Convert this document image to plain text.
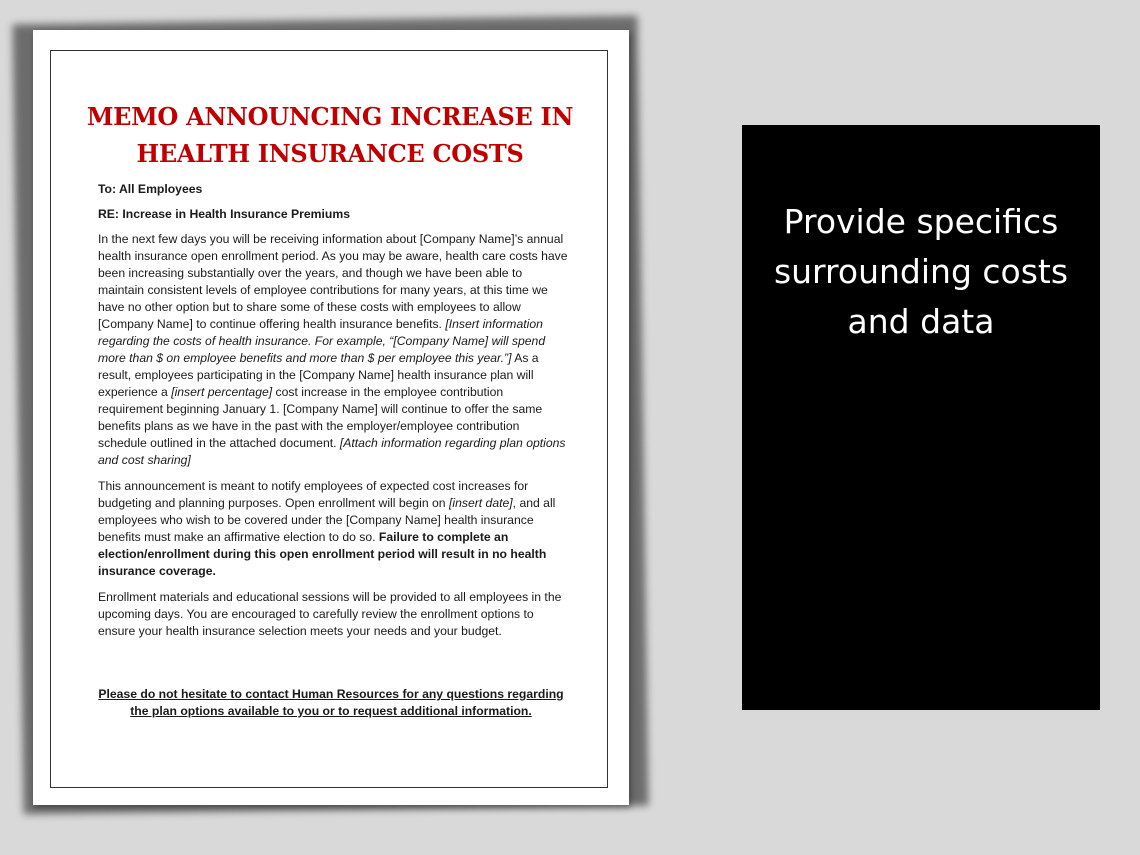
MEMO ANNOUNCING INCREASE IN HEALTH INSURANCE COSTS

To: All Employees

RE: Increase in Health Insurance Premiums

In the next few days you will be receiving information about [Company Name]’s annual health insurance open enrollment period. As you may be aware, health care costs have been increasing substantially over the years, and though we have been able to maintain consistent levels of employee contributions for many years, at this time we have no other option but to share some of these costs with employees to allow [Company Name] to continue offering health insurance benefits. [Insert information regarding the costs of health insurance. For example, “[Company Name] will spend more than $ on employee benefits and more than $ per employee this year.”] As a result, employees participating in the [Company Name] health insurance plan will experience a [insert percentage] cost increase in the employee contribution requirement beginning January 1. [Company Name] will continue to offer the same benefits plans as we have in the past with the employer/employee contribution schedule outlined in the attached document. [Attach information regarding plan options and cost sharing]

This announcement is meant to notify employees of expected cost increases for budgeting and planning purposes. Open enrollment will begin on [insert date], and all employees who wish to be covered under the [Company Name] health insurance benefits must make an affirmative election to do so. Failure to complete an election/enrollment during this open enrollment period will result in no health insurance coverage.

Enrollment materials and educational sessions will be provided to all employees in the upcoming days. You are encouraged to carefully review the enrollment options to ensure your health insurance selection meets your needs and your budget.

Please do not hesitate to contact Human Resources for any questions regarding the plan options available to you or to request additional information.

Provide specifics surrounding costs and data
